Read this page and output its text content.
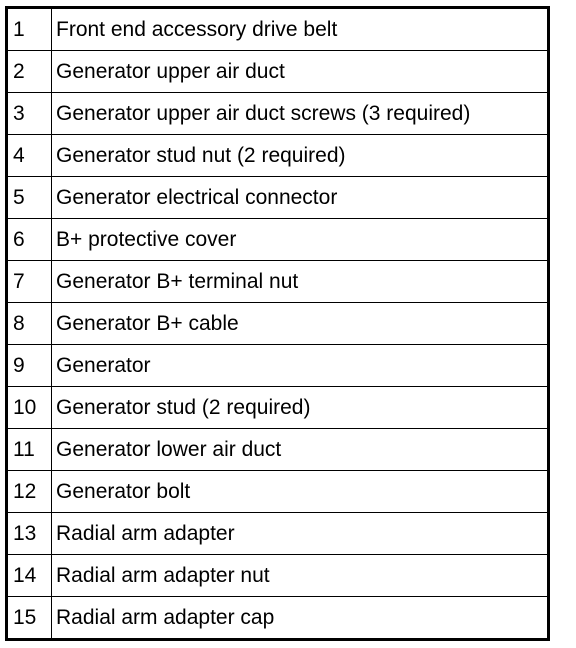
1	Front end accessory drive belt
2	Generator upper air duct
3	Generator upper air duct screws (3 required)
4	Generator stud nut (2 required)
5	Generator electrical connector
6	B+ protective cover
7	Generator B+ terminal nut
8	Generator B+ cable
9	Generator
10	Generator stud (2 required)
11	Generator lower air duct
12	Generator bolt
13	Radial arm adapter
14	Radial arm adapter nut
15	Radial arm adapter cap
